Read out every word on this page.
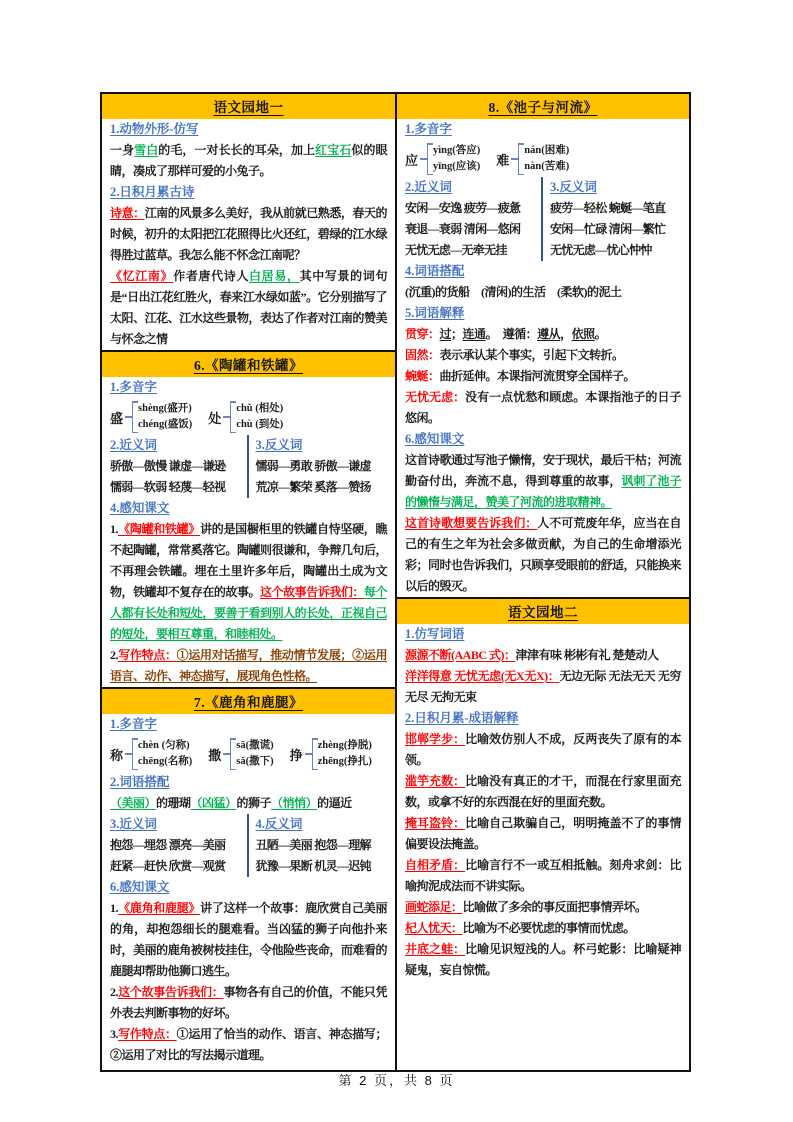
语文园地一
1.动物外形-仿写
一身雪白的毛，一对长长的耳朵，加上红宝石似的眼睛，凑成了那样可爱的小兔子。
2.日积月累古诗
诗意：江南的风景多么美好，我从前就已熟悉，春天的时候，初升的太阳把江花照得比火还红，碧绿的江水绿得胜过蓝草。我怎么能不怀念江南呢？
《忆江南》作者唐代诗人白居易，其中写景的词句是“日出江花红胜火，春来江水绿如蓝”。它分别描写了太阳、江花、江水这些景物，表达了作者对江南的赞美与怀念之情
6.《陶罐和铁罐》
1.多音字
盛
shèng(盛开)
chéng(盛饭) 处
chǔ (相处)
chù (到处)
2.近义词
骄傲—傲慢 谦虚—谦逊
懦弱—软弱 轻蔑—轻视
3.反义词
懦弱—勇敢 骄傲—谦虚
荒凉—繁荣 奚落—赞扬
4.感知课文
1.《陶罐和铁罐》讲的是国橱柜里的铁罐自恃坚硬，瞧不起陶罐，常常奚落它。陶罐则很谦和，争辩几句后，不再理会铁罐。埋在土里许多年后，陶罐出土成为文物，铁罐却不复存在的故事。这个故事告诉我们：每个人都有长处和短处，要善于看到别人的长处，正视自己的短处，要相互尊重，和睦相处。
2.写作特点：①运用对话描写，推动情节发展；②运用语言、动作、神态描写，展现角色性格。
7.《鹿角和鹿腿》
1.多音字
称
chèn (匀称)
chēng(名称) 撒
sā(撒谎)
sǎ(撒下) 挣
zhèng(挣脱)
zhēng(挣扎)
2.词语搭配
（美丽）的珊瑚（凶猛）的狮子（悄悄）的逼近
3.近义词
抱怨—埋怨 漂亮—美丽
赶紧—赶快 欣赏—观赏
4.反义词
丑陋—美丽 抱怨—理解
犹豫—果断 机灵—迟钝
6.感知课文
1.《鹿角和鹿腿》讲了这样一个故事：鹿欣赏自己美丽的角，却抱怨细长的腿难看。当凶猛的狮子向他扑来时，美丽的鹿角被树枝挂住，令他险些丧命，而难看的鹿腿却帮助他狮口逃生。
2.这个故事告诉我们：事物各有自己的价值，不能只凭外表去判断事物的好坏。
3.写作特点：①运用了恰当的动作、语言、神态描写；②运用了对比的写法揭示道理。
8.《池子与河流》
1.多音字
应
yìng(答应)
yīng(应该) 难
nán(困难)
nàn(苦难)
2.近义词
安闲—安逸 疲劳—疲惫
衰退—衰弱 清闲—悠闲
无忧无虑—无牵无挂
3.反义词
疲劳—轻松 蜿蜒—笔直
安闲—忙碌 清闲—繁忙
无忧无虑—忧心忡忡
4.词语搭配
(沉重)的货船　(清闲)的生活　(柔软)的泥土
5.词语解释
贯穿：过；连通。　遵循：遵从，依照。
固然：表示承认某个事实，引起下文转折。
蜿蜒：曲折延伸。本课指河流贯穿全国样子。
无忧无虑：没有一点忧愁和顾虑。本课指池子的日子悠闲。
6.感知课文
这首诗歌通过写池子懒惰，安于现状，最后干枯；河流勤奋付出，奔流不息，得到尊重的故事，讽刺了池子的懒惰与满足，赞美了河流的进取精神。
这首诗歌想要告诉我们：人不可荒废年华，应当在自己的有生之年为社会多做贡献，为自己的生命增添光彩；同时也告诉我们，只顾享受眼前的舒适，只能换来以后的毁灭。
语文园地二
1.仿写词语
源源不断(AABC 式)：津津有味 彬彬有礼 楚楚动人
洋洋得意 无忧无虑(无X无X)：无边无际 无法无天 无穷无尽 无拘无束
2.日积月累-成语解释
邯郸学步：比喻效仿别人不成，反两丧失了原有的本领。
滥竽充数：比喻没有真正的才干，而混在行家里面充数，或拿不好的东西混在好的里面充数。
掩耳盗铃：比喻自己欺骗自己，明明掩盖不了的事情偏要设法掩盖。
自相矛盾：比喻言行不一或互相抵触。刻舟求剑：比喻拘泥成法而不讲实际。
画蛇添足：比喻做了多余的事反面把事情弄坏。
杞人忧天：比喻为不必要忧虑的事情而忧虑。
井底之蛙：比喻见识短浅的人。杯弓蛇影：比喻疑神疑鬼，妄自惊慌。
第 2 页，共 8 页
